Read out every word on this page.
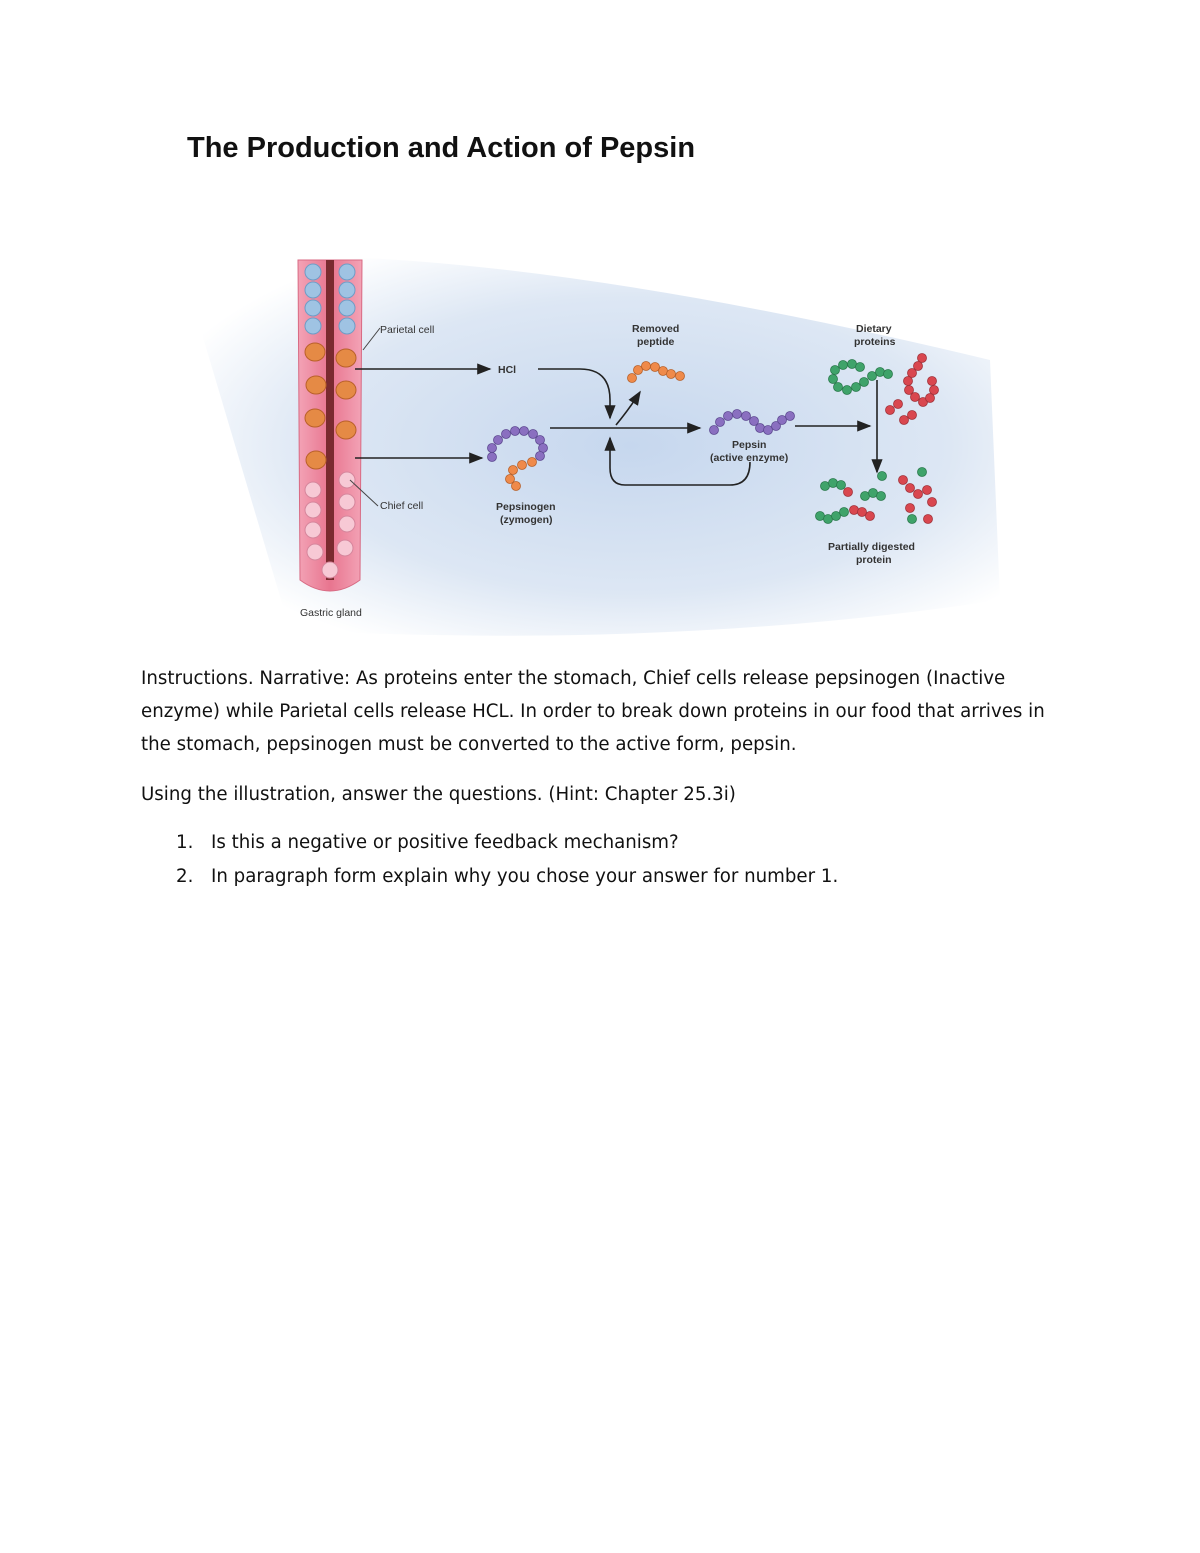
The Production and Action of Pepsin
Parietal cell
Chief cell
Gastric gland
HCl
Pepsinogen
(zymogen)
Removed
peptide
Pepsin
(active enzyme)
Dietary
proteins
Partially digested
protein

Instructions. Narrative: As proteins enter the stomach, Chief cells release pepsinogen (Inactive enzyme) while Parietal cells release HCL. In order to break down proteins in our food that arrives in the stomach, pepsinogen must be converted to the active form, pepsin.

Using the illustration, answer the questions. (Hint: Chapter 25.3i)

1. Is this a negative or positive feedback mechanism?
2. In paragraph form explain why you chose your answer for number 1.
